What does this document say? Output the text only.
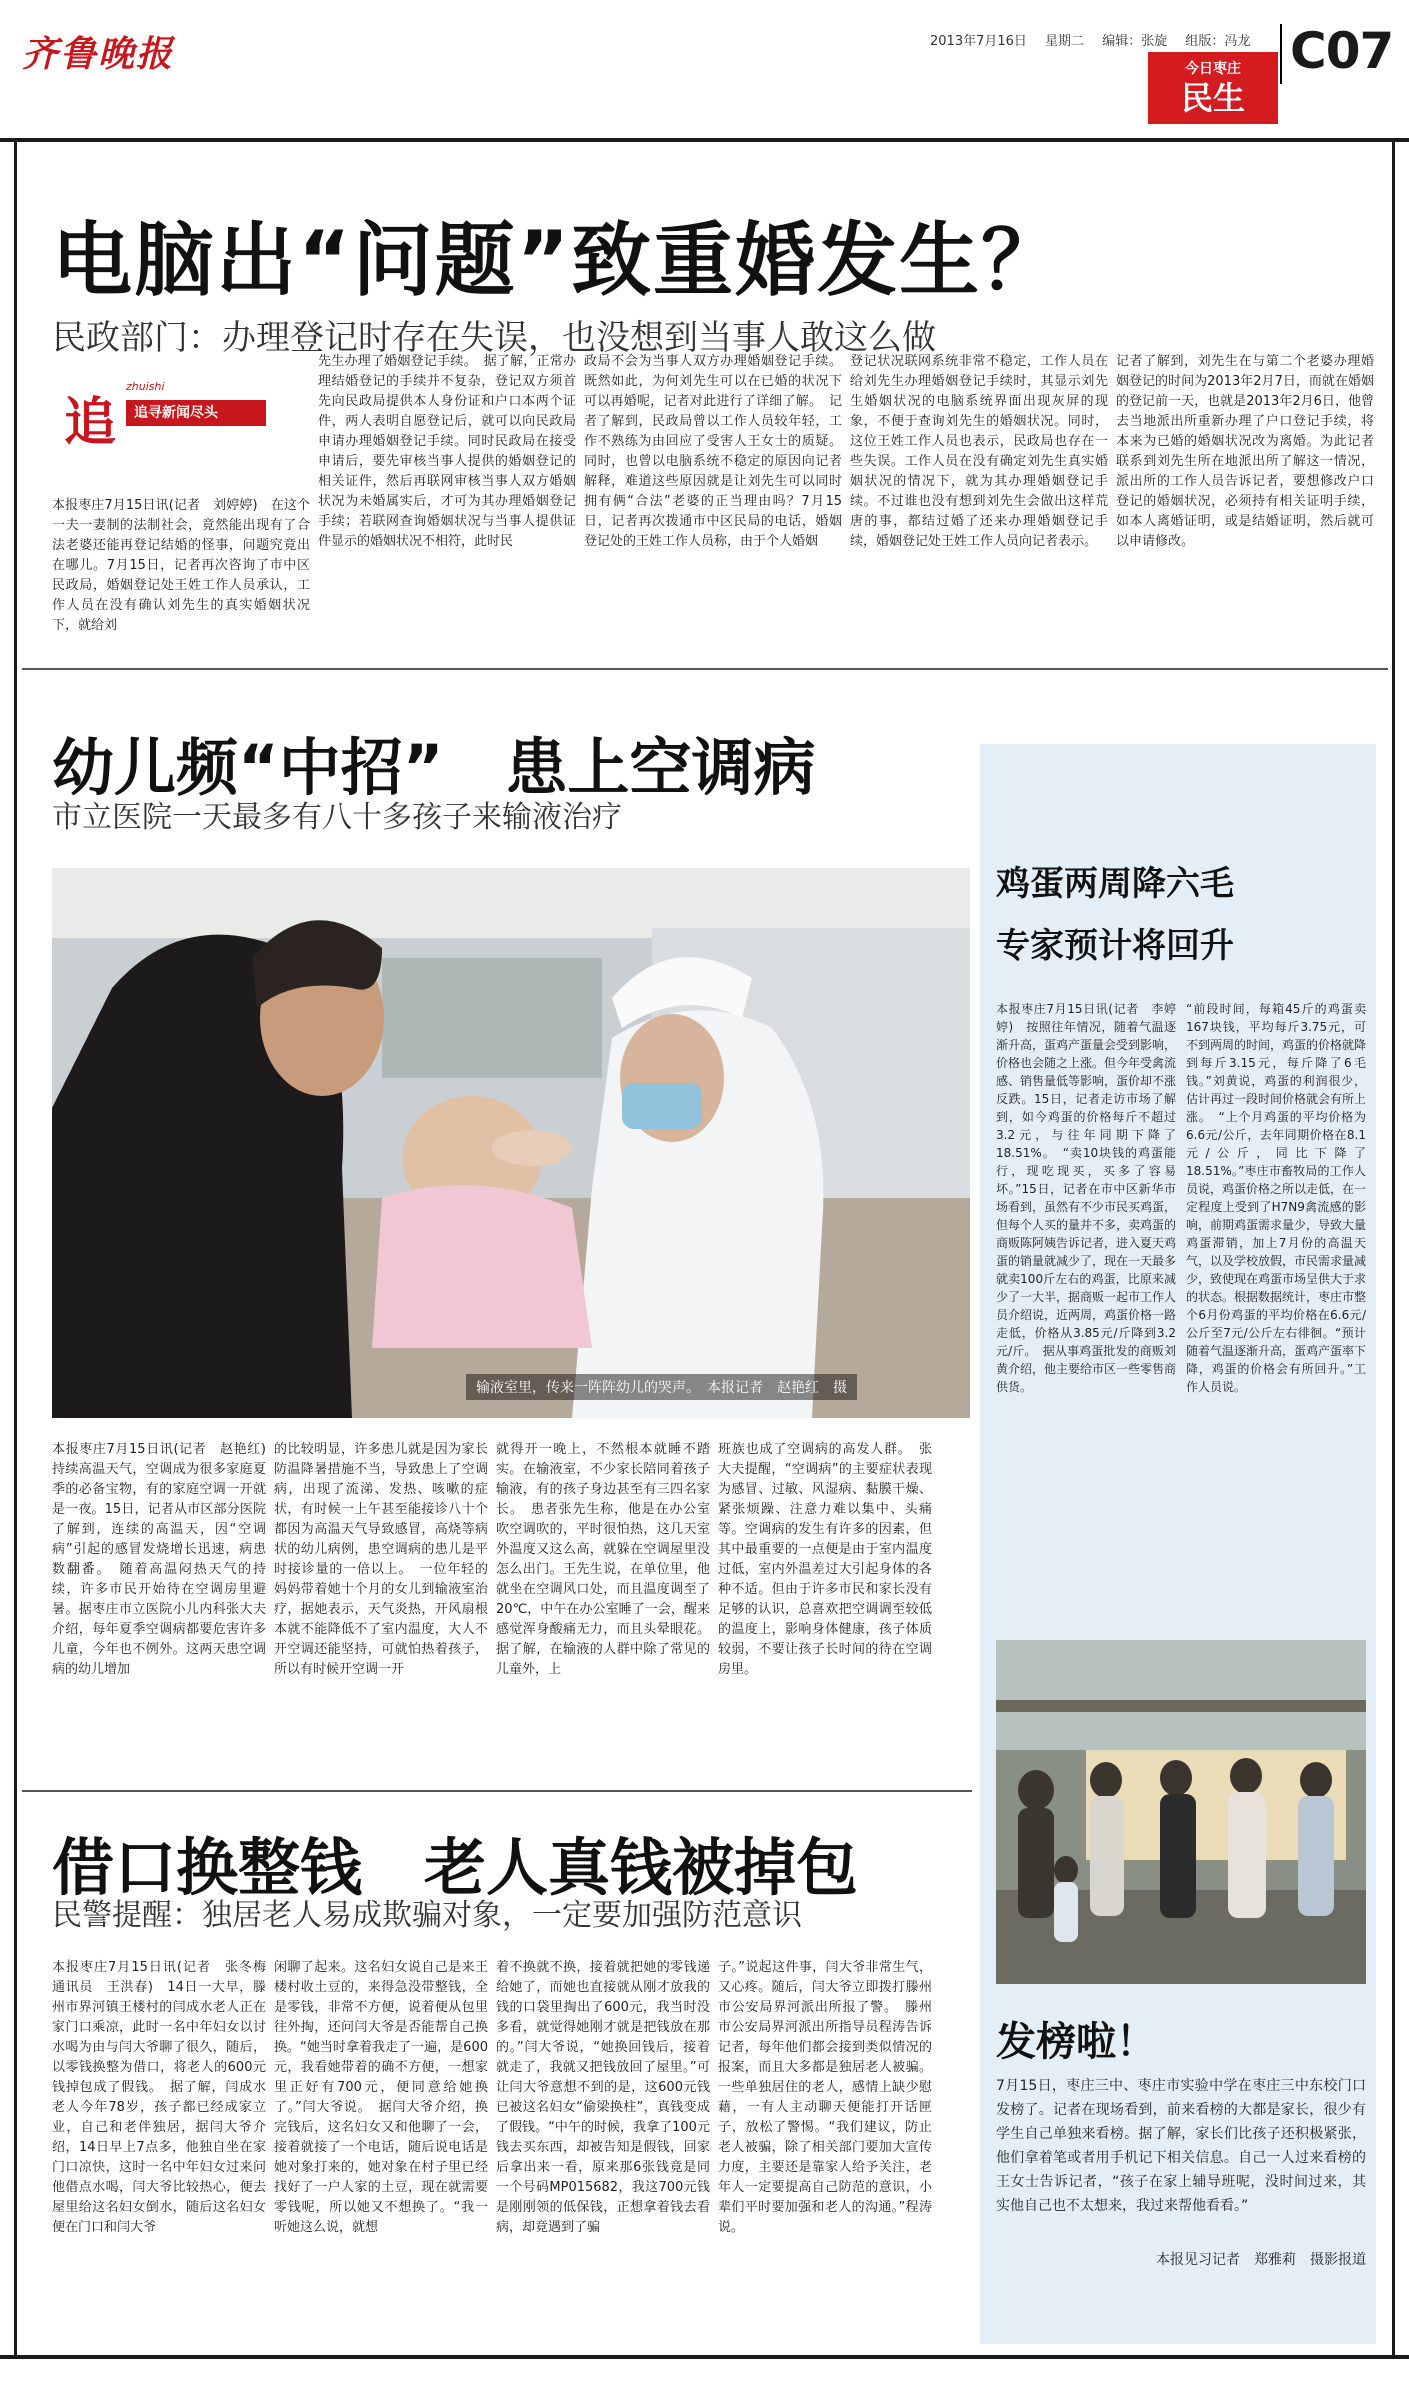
齐鲁晚报	2013年7月16日 星期二 编辑：张旋 组版：冯龙
今日枣庄
民生
C07
电脑出“问题”致重婚发生？
民政部门：办理登记时存在失误，也没想到当事人敢这么做
追
zhuishi
追寻新闻尽头
本报枣庄7月15日讯(记者　刘婷婷)　在这个一夫一妻制的法制社会，竟然能出现有了合法老婆还能再登记结婚的怪事，问题究竟出在哪儿。7月15日，记者再次咨询了市中区民政局，婚姻登记处王姓工作人员承认，工作人员在没有确认刘先生的真实婚姻状况下，就给刘
先生办理了婚姻登记手续。　据了解，正常办理结婚登记的手续并不复杂，登记双方须首先向民政局提供本人身份证和户口本两个证件，两人表明自愿登记后，就可以向民政局申请办理婚姻登记手续。同时民政局在接受申请后，要先审核当事人提供的婚姻登记的相关证件，然后再联网审核当事人双方婚姻状况为未婚属实后，才可为其办理婚姻登记手续；若联网查询婚姻状况与当事人提供证件显示的婚姻状况不相符，此时民
政局不会为当事人双方办理婚姻登记手续。既然如此，为何刘先生可以在已婚的状况下可以再婚呢，记者对此进行了详细了解。　记者了解到，民政局曾以工作人员较年轻，工作不熟练为由回应了受害人王女士的质疑。同时，也曾以电脑系统不稳定的原因向记者解释，难道这些原因就是让刘先生可以同时拥有俩“合法”老婆的正当理由吗？7月15日，记者再次拨通市中区民局的电话，婚姻登记处的王姓工作人员称，由于个人婚姻
登记状况联网系统非常不稳定，工作人员在给刘先生办理婚姻登记手续时，其显示刘先生婚姻状况的电脑系统界面出现灰屏的现象，不便于查询刘先生的婚姻状况。同时，这位王姓工作人员也表示，民政局也存在一些失误。工作人员在没有确定刘先生真实婚姻状况的情况下，就为其办理婚姻登记手续。不过谁也没有想到刘先生会做出这样荒唐的事，都结过婚了还来办理婚姻登记手续，婚姻登记处王姓工作人员向记者表示。
记者了解到，刘先生在与第二个老婆办理婚姻登记的时间为2013年2月7日，而就在婚姻的登记前一天，也就是2013年2月6日，他曾去当地派出所重新办理了户口登记手续，将本来为已婚的婚姻状况改为离婚。为此记者联系到刘先生所在地派出所了解这一情况，派出所的工作人员告诉记者，要想修改户口登记的婚姻状况，必须持有相关证明手续，如本人离婚证明，或是结婚证明，然后就可以申请修改。
鸡蛋两周降六毛
专家预计将回升
本报枣庄7月15日讯(记者　李婷婷)　按照往年情况，随着气温逐渐升高，蛋鸡产蛋量会受到影响，价格也会随之上涨。但今年受禽流感、销售量低等影响，蛋价却不涨反跌。15日，记者走访市场了解到，如今鸡蛋的价格每斤不超过3.2元，与往年同期下降了18.51%。　“卖10块钱的鸡蛋能行，现吃现买，买多了容易坏。”15日，记者在市中区新华市场看到，虽然有不少市民买鸡蛋，但每个人买的量并不多，卖鸡蛋的商贩陈阿姨告诉记者，进入夏天鸡蛋的销量就减少了，现在一天最多就卖100斤左右的鸡蛋，比原来减少了一大半，据商贩一起市工作人员介绍说，近两周，鸡蛋价格一路走低，价格从3.85元/斤降到3.2元/斤。　据从事鸡蛋批发的商贩刘黄介绍，他主要给市区一些零售商供货。
“前段时间，每箱45斤的鸡蛋卖167块钱，平均每斤3.75元，可不到两周的时间，鸡蛋的价格就降到每斤3.15元，每斤降了6毛钱。”刘黄说，鸡蛋的利润很少，估计再过一段时间价格就会有所上涨。　“上个月鸡蛋的平均价格为6.6元/公斤，去年同期价格在8.1元/公斤，同比下降了18.51%。”枣庄市畜牧局的工作人员说，鸡蛋价格之所以走低，在一定程度上受到了H7N9禽流感的影响，前期鸡蛋需求量少，导致大量鸡蛋滞销，加上7月份的高温天气，以及学校放假，市民需求量减少，致使现在鸡蛋市场呈供大于求的状态。根据数据统计，枣庄市整个6月份鸡蛋的平均价格在6.6元/公斤至7元/公斤左右徘徊。“预计随着气温逐渐升高，蛋鸡产蛋率下降，鸡蛋的价格会有所回升。”工作人员说。
发榜啦！
7月15日，枣庄三中、枣庄市实验中学在枣庄三中东校门口发榜了。记者在现场看到，前来看榜的大都是家长，很少有学生自己单独来看榜。据了解，家长们比孩子还积极紧张，他们拿着笔或者用手机记下相关信息。自己一人过来看榜的王女士告诉记者，“孩子在家上辅导班呢，没时间过来，其实他自己也不太想来，我过来帮他看看。”
本报见习记者　郑雅莉　摄影报道
幼儿频“中招”　患上空调病
市立医院一天最多有八十多孩子来输液治疗
输液室里，传来一阵阵幼儿的哭声。　本报记者　赵艳红　摄
本报枣庄7月15日讯(记者　赵艳红)　持续高温天气，空调成为很多家庭夏季的必备宝物，有的家庭空调一开就是一夜。15日，记者从市区部分医院了解到，连续的高温天，因“空调病”引起的感冒发烧增长迅速，病患数翻番。　随着高温闷热天气的持续，许多市民开始待在空调房里避暑。据枣庄市立医院小儿内科张大夫介绍，每年夏季空调病都要危害许多儿童，今年也不例外。这两天患空调病的幼儿增加
的比较明显，许多患儿就是因为家长防温降暑措施不当，导致患上了空调病，出现了流涕、发热、咳嗽的症状，有时候一上午甚至能接诊八十个都因为高温天气导致感冒，高烧等病状的幼儿病例，患空调病的患儿是平时接诊量的一倍以上。　一位年轻的妈妈带着她十个月的女儿到输液室治疗，据她表示，天气炎热，开风扇根本就不能降低不了室内温度，大人不开空调还能坚持，可就怕热着孩子，所以有时候开空调一开
就得开一晚上，不然根本就睡不踏实。在输液室，不少家长陪同着孩子输液，有的孩子身边甚至有三四名家长。　患者张先生称，他是在办公室吹空调吹的，平时很怕热，这几天室外温度又这么高，就躲在空调屋里没怎么出门。王先生说，在单位里，他就坐在空调风口处，而且温度调至了20℃，中午在办公室睡了一会，醒来感觉浑身酸痛无力，而且头晕眼花。据了解，在输液的人群中除了常见的儿童外，上
班族也成了空调病的高发人群。　张大夫提醒，“空调病”的主要症状表现为感冒、过敏、风湿病、黏膜干燥、紧张烦躁、注意力难以集中、头痛等。空调病的发生有许多的因素，但其中最重要的一点便是由于室内温度过低，室内外温差过大引起身体的各种不适。但由于许多市民和家长没有足够的认识，总喜欢把空调调至较低的温度上，影响身体健康，孩子体质较弱，不要让孩子长时间的待在空调房里。
借口换整钱　老人真钱被掉包
民警提醒：独居老人易成欺骗对象，一定要加强防范意识
本报枣庄7月15日讯(记者　张冬梅　通讯员　王洪春)　14日一大早，滕州市界河镇王楼村的闫成水老人正在家门口乘凉，此时一名中年妇女以讨水喝为由与闫大爷聊了很久，随后，以零钱换整为借口，将老人的600元钱掉包成了假钱。　据了解，闫成水老人今年78岁，孩子都已经成家立业，自己和老伴独居，据闫大爷介绍，14日早上7点多，他独自坐在家门口凉快，这时一名中年妇女过来问他借点水喝，闫大爷比较热心，便去屋里给这名妇女倒水，随后这名妇女便在门口和闫大爷
闲聊了起来。这名妇女说自己是来王楼村收土豆的，来得急没带整钱，全是零钱，非常不方便，说着便从包里往外掏，还问闫大爷是否能帮自己换换。“她当时拿着我走了一遍，是600元，我看她带着的确不方便，一想家里正好有700元，便同意给她换了。”闫大爷说。　据闫大爷介绍，换完钱后，这名妇女又和他聊了一会，接着就接了一个电话，随后说电话是她对象打来的，她对象在村子里已经找好了一户人家的土豆，现在就需要零钱呢，所以她又不想换了。“我一听她这么说，就想
着不换就不换，接着就把她的零钱递给她了，而她也直接就从刚才放我的钱的口袋里掏出了600元，我当时没多看，就觉得她刚才就是把钱放在那的。”闫大爷说，“她换回钱后，接着就走了，我就又把钱放回了屋里。”可让闫大爷意想不到的是，这600元钱已被这名妇女“偷梁换柱”，真钱变成了假钱。“中午的时候，我拿了100元钱去买东西，却被告知是假钱，回家后拿出来一看，原来那6张钱竟是同一个号码MP015682，我这700元钱是刚刚领的低保钱，正想拿着钱去看病，却竟遇到了骗
子。”说起这件事，闫大爷非常生气，又心疼。随后，闫大爷立即拨打滕州市公安局界河派出所报了警。　滕州市公安局界河派出所指导员程涛告诉记者，每年他们都会接到类似情况的报案，而且大多都是独居老人被骗。一些单独居住的老人，感情上缺少慰藉，一有人主动聊天便能打开话匣子，放松了警惕。“我们建议，防止老人被骗，除了相关部门要加大宣传力度，主要还是靠家人给予关注，老年人一定要提高自己防范的意识，小辈们平时要加强和老人的沟通。”程涛说。
